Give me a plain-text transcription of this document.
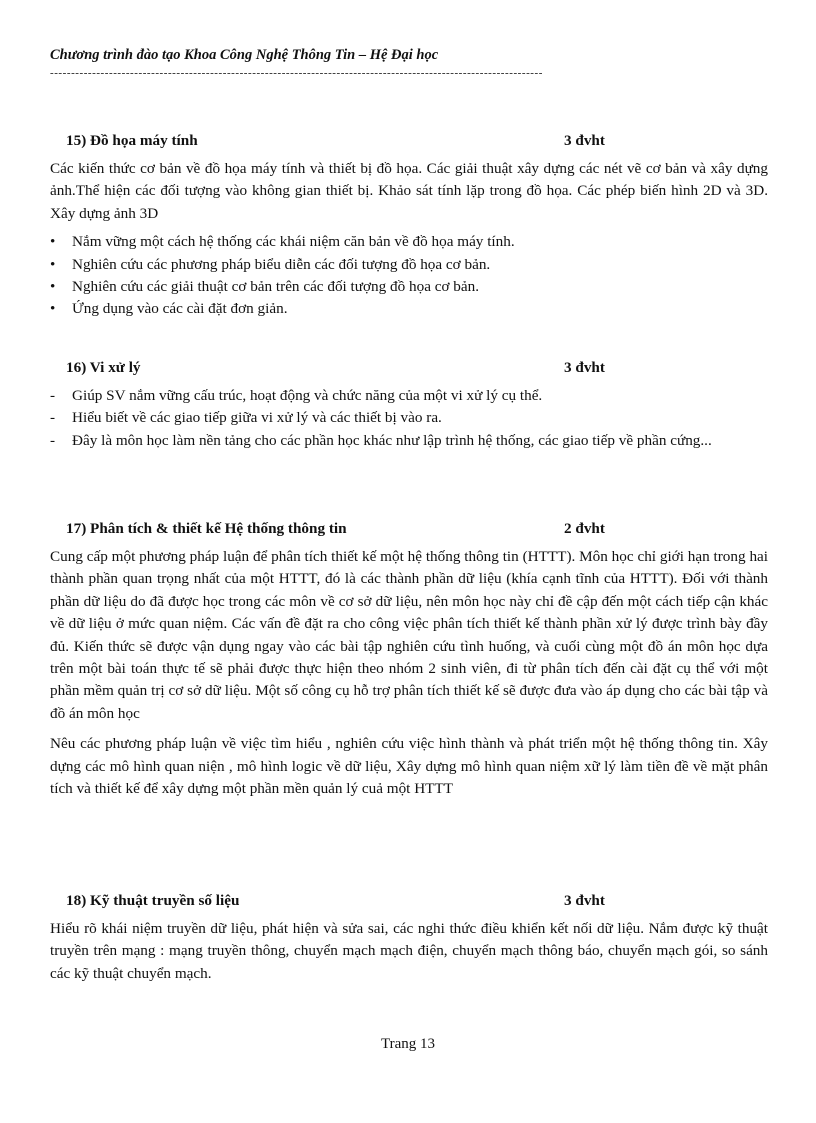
Chương trình đào tạo Khoa Công Nghệ Thông Tin – Hệ Đại học
---------------------------------------------------------------------------------------------------------------------
15) Đồ họa máy tính	3 đvht

Các kiến thức cơ bản về đồ họa máy tính và thiết bị đồ họa. Các giải thuật xây dựng các nét vẽ cơ bản và xây dựng ảnh.Thể hiện các đối tượng vào không gian thiết bị. Khảo sát tính lặp trong đồ họa. Các phép biến hình 2D và 3D. Xây dựng ảnh 3D

• Nắm vững một cách hệ thống các khái niệm căn bản về đồ họa máy tính.
• Nghiên cứu các phương pháp biểu diễn các đối tượng đồ họa cơ bản.
• Nghiên cứu các giải thuật cơ bản trên các đối tượng đồ họa cơ bản.
• Ứng dụng vào các cài đặt đơn giản.
16) Vi xử lý	3 đvht
- Giúp SV nắm vững cấu trúc, hoạt động và chức năng của một vi xử lý cụ thể.
- Hiểu biết về các giao tiếp giữa vi xử lý và các thiết bị vào ra.
- Đây là môn học làm nền tảng cho các phần học khác như lập trình hệ thống, các giao tiếp về phần cứng...
17) Phân tích & thiết kế Hệ thống thông tin	2 đvht

Cung cấp một phương pháp luận để phân tích thiết kế một hệ thống thông tin (HTTT). Môn học chỉ giới hạn trong hai thành phần quan trọng nhất của một HTTT, đó là các thành phần dữ liệu (khía cạnh tĩnh của HTTT). Đối với thành phần dữ liệu do đã được học trong các môn về cơ sở dữ liệu, nên môn học này chỉ đề cập đến một cách tiếp cận khác về dữ liệu ở mức quan niệm. Các vấn đề đặt ra cho công việc phân tích thiết kế thành phần xử lý được trình bày đầy đủ. Kiến thức sẽ được vận dụng ngay vào các bài tập nghiên cứu tình huống, và cuối cùng một đồ án môn học dựa trên một bài toán thực tế sẽ phải được thực hiện theo nhóm 2 sinh viên, đi từ phân tích đến cài đặt cụ thể với một phần mềm quản trị cơ sở dữ liệu. Một số công cụ hỗ trợ phân tích thiết kế sẽ được đưa vào áp dụng cho các bài tập và đồ án môn học

Nêu các phương pháp luận về việc tìm hiểu , nghiên cứu việc hình thành và phát triển một hệ thống thông tin. Xây dựng các mô hình quan niện , mô hình logic về dữ liệu, Xây dựng mô hình quan niệm xữ lý làm tiền đề về mặt phân tích và thiết kế để xây dựng một phần mền quản lý cuả một HTTT

18) Kỹ thuật truyền số liệu	3 đvht

Hiểu rõ khái niệm truyền dữ liệu, phát hiện và sửa sai, các nghi thức điều khiển kết nối dữ liệu. Nắm được kỹ thuật truyền trên mạng : mạng truyền thông, chuyển mạch mạch điện, chuyển mạch thông báo, chuyển mạch gói, so sánh các kỹ thuật chuyển mạch.

Trang 13
